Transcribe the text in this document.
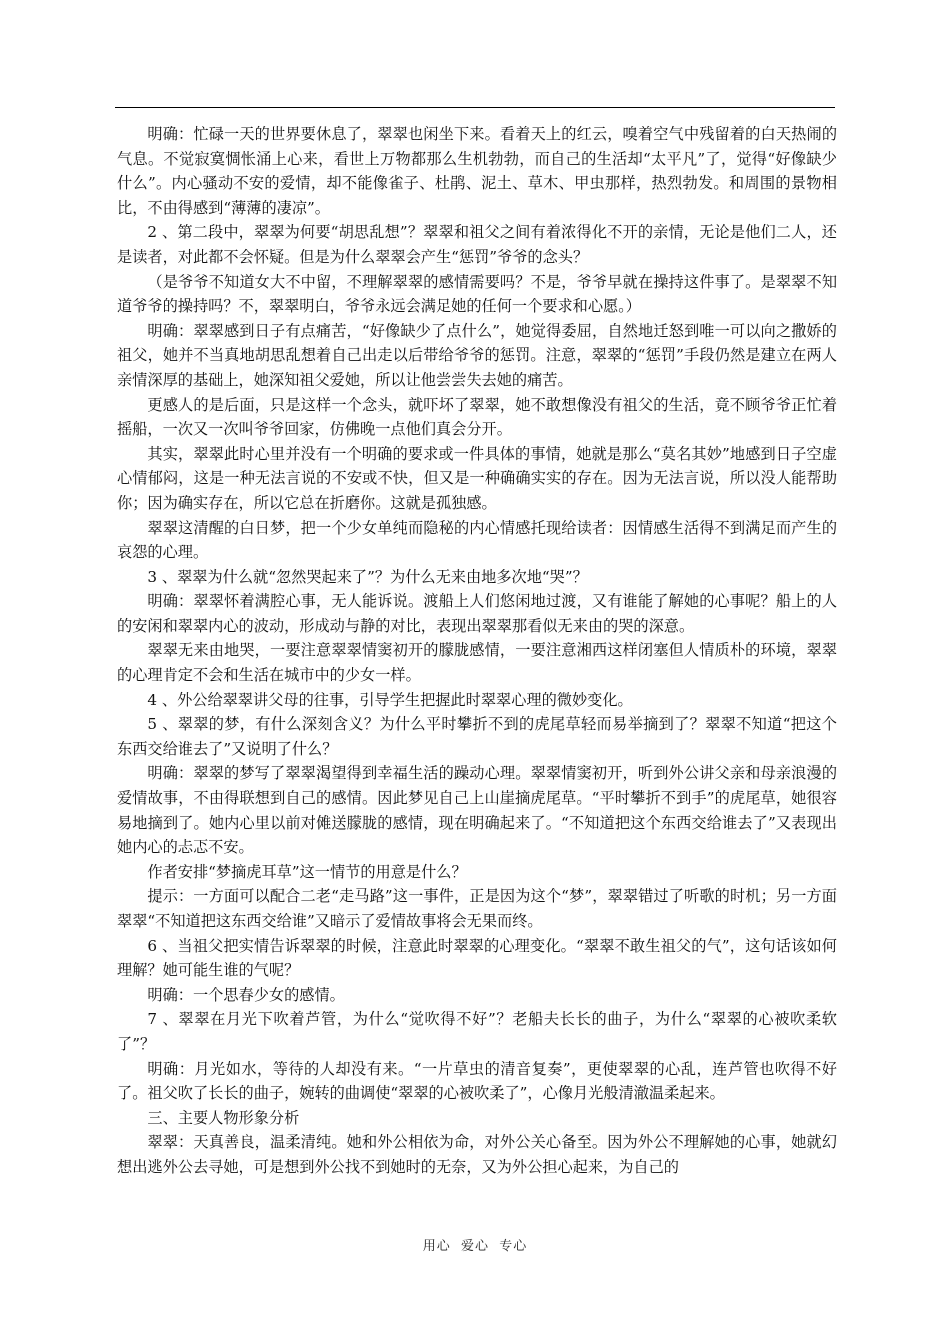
明确：忙碌一天的世界要休息了，翠翠也闲坐下来。看着天上的红云，嗅着空气中残留着的白天热闹的气息。不觉寂寞惆怅涌上心来，看世上万物都那么生机勃勃，而自己的生活却“太平凡”了，觉得“好像缺少什么”。内心骚动不安的爱情，却不能像雀子、杜鹃、泥土、草木、甲虫那样，热烈勃发。和周围的景物相比，不由得感到“薄薄的凄凉”。

2 、第二段中，翠翠为何要“胡思乱想”？翠翠和祖父之间有着浓得化不开的亲情，无论是他们二人，还是读者，对此都不会怀疑。但是为什么翠翠会产生“惩罚”爷爷的念头？

（是爷爷不知道女大不中留，不理解翠翠的感情需要吗？不是，爷爷早就在操持这件事了。是翠翠不知道爷爷的操持吗？不，翠翠明白，爷爷永远会满足她的任何一个要求和心愿。）

明确：翠翠感到日子有点痛苦，“好像缺少了点什么”，她觉得委屈，自然地迁怒到唯一可以向之撒娇的祖父，她并不当真地胡思乱想着自己出走以后带给爷爷的惩罚。注意，翠翠的“惩罚”手段仍然是建立在两人亲情深厚的基础上，她深知祖父爱她，所以让他尝尝失去她的痛苦。

更感人的是后面，只是这样一个念头，就吓坏了翠翠，她不敢想像没有祖父的生活，竟不顾爷爷正忙着摇船，一次又一次叫爷爷回家，仿佛晚一点他们真会分开。

其实，翠翠此时心里并没有一个明确的要求或一件具体的事情，她就是那么“莫名其妙”地感到日子空虚心情郁闷，这是一种无法言说的不安或不快，但又是一种确确实实的存在。因为无法言说，所以没人能帮助你；因为确实存在，所以它总在折磨你。这就是孤独感。

翠翠这清醒的白日梦，把一个少女单纯而隐秘的内心情感托现给读者：因情感生活得不到满足而产生的哀怨的心理。

3 、翠翠为什么就“忽然哭起来了”？为什么无来由地多次地“哭”？

明确：翠翠怀着满腔心事，无人能诉说。渡船上人们悠闲地过渡，又有谁能了解她的心事呢？船上的人的安闲和翠翠内心的波动，形成动与静的对比，表现出翠翠那看似无来由的哭的深意。

翠翠无来由地哭，一要注意翠翠情窦初开的朦胧感情，一要注意湘西这样闭塞但人情质朴的环境，翠翠的心理肯定不会和生活在城市中的少女一样。

4 、外公给翠翠讲父母的往事，引导学生把握此时翠翠心理的微妙变化。

5 、翠翠的梦，有什么深刻含义？为什么平时攀折不到的虎尾草轻而易举摘到了？翠翠不知道“把这个东西交给谁去了”又说明了什么？

明确：翠翠的梦写了翠翠渴望得到幸福生活的躁动心理。翠翠情窦初开，听到外公讲父亲和母亲浪漫的爱情故事，不由得联想到自己的感情。因此梦见自己上山崖摘虎尾草。“平时攀折不到手”的虎尾草，她很容易地摘到了。她内心里以前对傩送朦胧的感情，现在明确起来了。“不知道把这个东西交给谁去了”又表现出她内心的忐忑不安。

作者安排“梦摘虎耳草”这一情节的用意是什么？

提示：一方面可以配合二老“走马路”这一事件，正是因为这个“梦”，翠翠错过了听歌的时机；另一方面翠翠“不知道把这东西交给谁”又暗示了爱情故事将会无果而终。

6 、当祖父把实情告诉翠翠的时候，注意此时翠翠的心理变化。“翠翠不敢生祖父的气”，这句话该如何理解？她可能生谁的气呢？

明确：一个思春少女的感情。

7 、翠翠在月光下吹着芦管，为什么“觉吹得不好”？老船夫长长的曲子，为什么“翠翠的心被吹柔软了”？

明确：月光如水，等待的人却没有来。“一片草虫的清音复奏”，更使翠翠的心乱，连芦管也吹得不好了。祖父吹了长长的曲子，婉转的曲调使“翠翠的心被吹柔了”，心像月光般清澈温柔起来。

三、主要人物形象分析

翠翠：天真善良，温柔清纯。她和外公相依为命，对外公关心备至。因为外公不理解她的心事，她就幻想出逃外公去寻她，可是想到外公找不到她时的无奈，又为外公担心起来，为自己的

用心  爱心  专心
